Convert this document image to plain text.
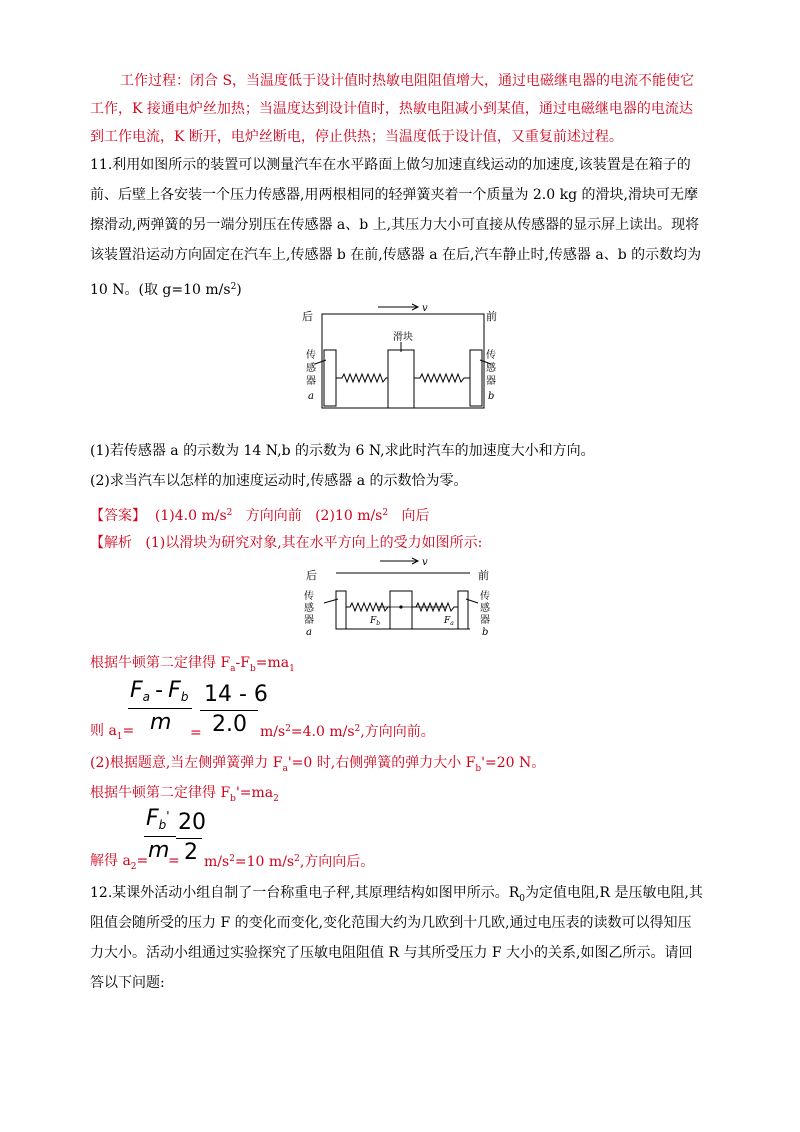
工作过程：闭合 S，当温度低于设计值时热敏电阻阻值增大，通过电磁继电器的电流不能使它
工作，K 接通电炉丝加热；当温度达到设计值时，热敏电阻减小到某值，通过电磁继电器的电流达
到工作电流，K 断开，电炉丝断电，停止供热；当温度低于设计值，又重复前述过程。
11.利用如图所示的装置可以测量汽车在水平路面上做匀加速直线运动的加速度,该装置是在箱子的
前、后壁上各安装一个压力传感器,用两根相同的轻弹簧夹着一个质量为 2.0 kg 的滑块,滑块可无摩
擦滑动,两弹簧的另一端分别压在传感器 a、b 上,其压力大小可直接从传感器的显示屏上读出。现将
该装置沿运动方向固定在汽车上,传感器 b 在前,传感器 a 在后,汽车静止时,传感器 a、b 的示数均为
10 N。(取 g=10 $m/s^2$)
后	前
v
滑块
传
感
器
a
传
感
器
b
(1)若传感器 a 的示数为 14 N,b 的示数为 6 N,求此时汽车的加速度大小和方向。
(2)求当汽车以怎样的加速度运动时,传感器 a 的示数恰为零。
【答案】 (1)4.0 $m/s^2$ 方向向前 (2)10 $m/s^2$ 向后
【解析 (1)以滑块为研究对象,其在水平方向上的受力如图所示:
后	前
v
传
感
器
a
传
感
器
b
$F_b$	$F_a$
根据牛顿第二定律得 $F_a-F_b=ma_1$
$F_a - F_b$
m
14 - 6
2.0
则 $a_1=$	=	$m/s^2=4.0$ $m/s^2$,方向向前。
(2)根据题意,当左侧弹簧弹力 $F_a'=0$ 时,右侧弹簧的弹力大小 $F_b'=20$ N。
根据牛顿第二定律得 $F_b'=ma_2$
$F_b'$
m
20
2
解得 $a_2= = m/s^2=10$ $m/s^2$,方向向后。
12.某课外活动小组自制了一台称重电子秤,其原理结构如图甲所示。$R_0$为定值电阻,R 是压敏电阻,其
阻值会随所受的压力 F 的变化而变化,变化范围大约为几欧到十几欧,通过电压表的读数可以得知压
力大小。活动小组通过实验探究了压敏电阻阻值 R 与其所受压力 F 大小的关系,如图乙所示。请回
答以下问题:
